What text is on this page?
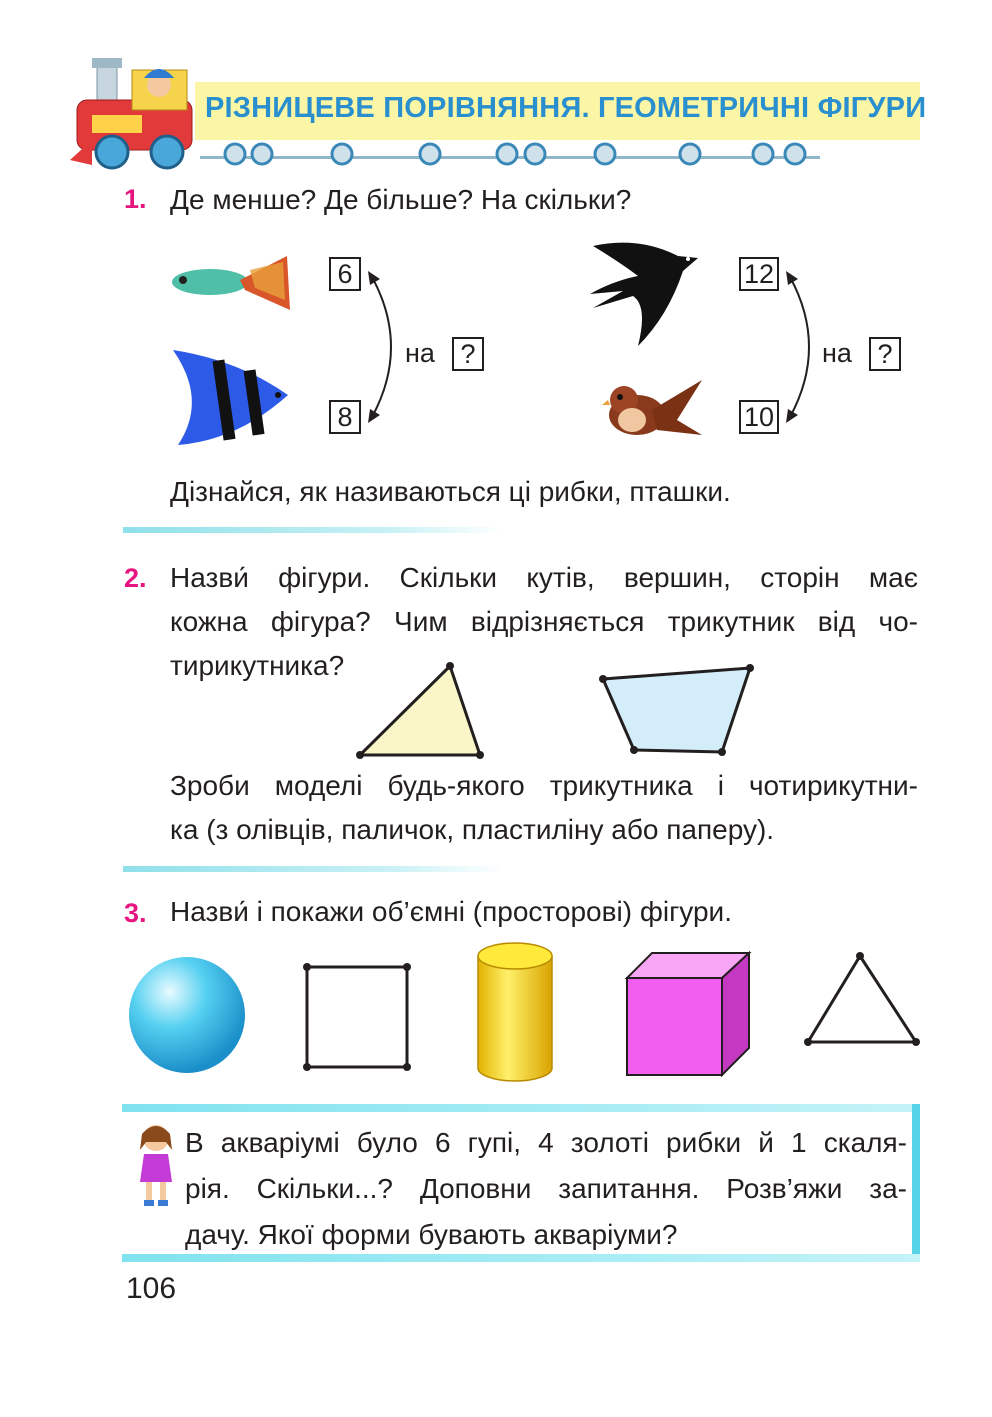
РІЗНИЦЕВЕ ПОРІВНЯННЯ. ГЕОМЕТРИЧНІ ФІГУРИ
1. Де менше? Де більше? На скільки?
6
8
на ?
12
10
на ?
Дізнайся, як називаються ці рибки, пташки.
2. Назви́ фігури. Скільки кутів, вершин, сторін має
кожна фігура? Чим відрізняється трикутник від чо-
тирикутника?
Зроби моделі будь-якого трикутника і чотирикутни-
ка (з олівців, паличок, пластиліну або паперу).
3. Назви́ і покажи об’ємні (просторові) фігури.
В акваріумі було 6 гупі, 4 золоті рибки й 1 скаля-
рія. Скільки...? Доповни запитання. Розв’яжи за-
дачу. Якої форми бувають акваріуми?
106
